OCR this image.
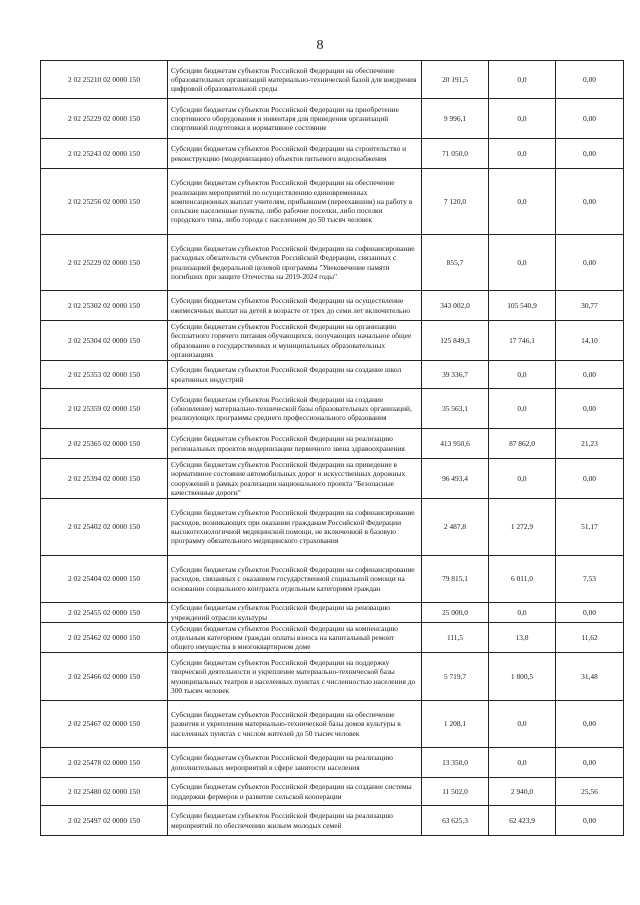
8
2 02 25210 02 0000 150	Субсидии бюджетам субъектов Российской Федерации на обеспечение образовательных организаций материально-технической базой для внедрения цифровой образовательной среды	20 191,5	0,0	0,00
2 02 25229 02 0000 150	Субсидии бюджетам субъектов Российской Федерации на приобретение спортивного оборудования и инвентаря для приведения организаций спортивной подготовки в нормативное состояние	9 996,1	0,0	0,00
2 02 25243 02 0000 150	Субсидии бюджетам субъектов Российской Федерации на строительство и реконструкцию (модернизацию) объектов питьевого водоснабжения	71 050,0	0,0	0,00
2 02 25256 02 0000 150	Субсидии бюджетам субъектов Российской Федерации на обеспечение реализации мероприятий по осуществлению единовременных компенсационных выплат учителям, прибывшим (переехавшим) на работу в сельские населенные пункты, либо рабочие поселки, либо поселки городского типа, либо города с населением до 50 тысяч человек	7 120,0	0,0	0,00
2 02 25229 02 0000 150	Субсидии бюджетам субъектов Российской Федерации на софинансирование расходных обязательств субъектов Российской Федерации, связанных с реализацией федеральной целевой программы "Увековечение памяти погибших при защите Отечества на 2019-2024 годы"	855,7	0,0	0,00
2 02 25302 02 0000 150	Субсидии бюджетам субъектов Российской Федерации на осуществление ежемесячных выплат на детей в возрасте от трех до семи лет включительно	343 002,0	105 540,9	30,77
2 02 25304 02 0000 150	Субсидии бюджетам субъектов Российской Федерации на организацию бесплатного горячего питания обучающихся, получающих начальное общее образование в государственных и муниципальных образовательных организациях	125 849,3	17 746,1	14,10
2 02 25353 02 0000 150	Субсидии бюджетам субъектов Российской Федерации на создание школ креативных индустрий	39 336,7	0,0	0,00
2 02 25359 02 0000 150	Субсидии бюджетам субъектов Российской Федерации на создание (обновление) материально-технической базы образовательных организаций, реализующих программы среднего профессионального образования	35 563,1	0,0	0,00
2 02 25365 02 0000 150	Субсидии бюджетам субъектов Российской Федерации на реализацию региональных проектов модернизации первичного звена здравоохранения	413 950,6	87 862,0	21,23
2 02 25394 02 0000 150	Субсидии бюджетам субъектов Российской Федерации на приведение в нормативное состояние автомобильных дорог и искусственных дорожных сооружений в рамках реализации национального проекта "Безопасные качественные дороги"	96 493,4	0,0	0,00
2 02 25402 02 0000 150	Субсидии бюджетам субъектов Российской Федерации на софинансирование расходов, возникающих при оказании гражданам Российской Федерации высокотехнологичной медицинской помощи, не включенной в базовую программу обязательного медицинского страхования	2 487,8	1 272,9	51,17
2 02 25404 02 0000 150	Субсидии бюджетам субъектов Российской Федерации на софинансирование расходов, связанных с оказанием государственной социальной помощи на основании социального контракта отдельным категориям граждан	79 815,1	6 011,0	7,53
2 02 25455 02 0000 150	Субсидии бюджетам субъектов Российской Федерации на реновацию учреждений отрасли культуры	25 000,0	0,0	0,00
2 02 25462 02 0000 150	Субсидии бюджетам субъектов Российской Федерации на компенсацию отдельным категориям граждан оплаты взноса на капитальный ремонт общего имущества в многоквартирном доме	111,5	13,0	11,62
2 02 25466 02 0000 150	Субсидии бюджетам субъектов Российской Федерации на поддержку творческой деятельности и укрепление материально-технической базы муниципальных театров в населенных пунктах с численностью населения до 300 тысяч человек	5 719,7	1 800,5	31,48
2 02 25467 02 0000 150	Субсидии бюджетам субъектов Российской Федерации на обеспечение развития и укрепления материально-технической базы домов культуры в населенных пунктах с числом жителей до 50 тысяч человек	1 208,1	0,0	0,00
2 02 25478 02 0000 150	Субсидии бюджетам субъектов Российской Федерации на реализацию дополнительных мероприятий в сфере занятости населения	13 350,0	0,0	0,00
2 02 25480 02 0000 150	Субсидии бюджетам субъектов Российской Федерации на создание системы поддержки фермеров и развитие сельской кооперации	11 502,0	2 940,0	25,56
2 02 25497 02 0000 150	Субсидии бюджетам субъектов Российской Федерации на реализацию мероприятий по обеспечению жильем молодых семей	63 625,3	62 423,9	0,00
